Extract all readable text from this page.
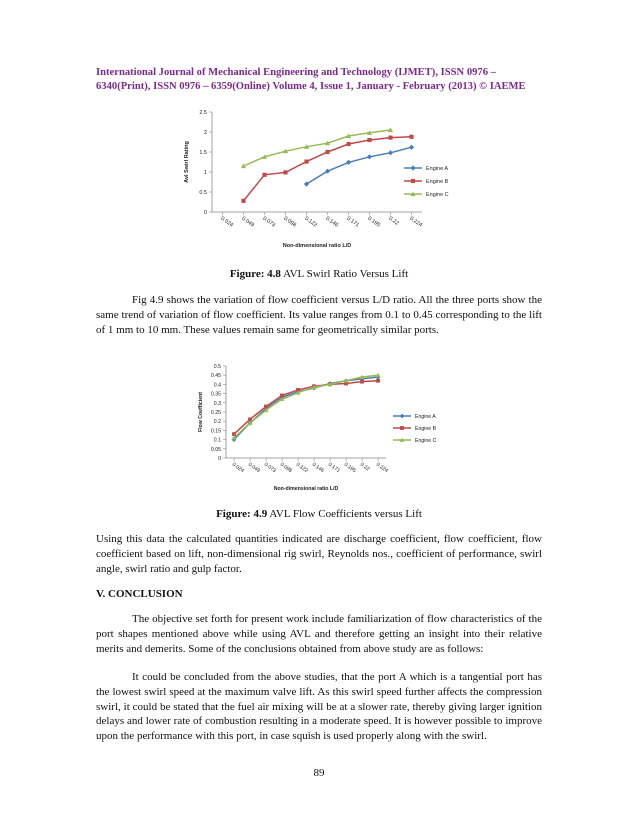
International Journal of Mechanical Engineering and Technology (IJMET), ISSN 0976 –
6340(Print), ISSN 0976 – 6359(Online) Volume 4, Issue 1, January - February (2013) © IAEME
0
0.5
1
1.5
2
2.5
0.024 0.049 0.073 0.098 0.122 0.146 0.171 0.195 0.22 0.224
Non-dimensional ratio L/D
Avl Swirl Rating	Engine A
Engine B
Engine C
Figure: 4.8 AVL Swirl Ratio Versus Lift

Fig 4.9 shows the variation of flow coefficient versus L/D ratio. All the three ports show the same trend of variation of flow coefficient. Its value ranges from 0.1 to 0.45 corresponding to the lift of 1 mm to 10 mm. These values remain same for geometrically similar ports.

0
0.05
0.1
0.15
0.2
0.25
0.3
0.35
0.4
0.45
0.5
0.024 0.049 0.073 0.098 0.122 0.146 0.171 0.195 0.22 0.224
Non-dimensional ratio L/D
Flow Coefficient	Engine A
Engine B
Engine C
Figure: 4.9 AVL Flow Coefficients versus Lift

Using this data the calculated quantities indicated are discharge coefficient, flow coefficient, flow coefficient based on lift, non-dimensional rig swirl, Reynolds nos., coefficient of performance, swirl angle, swirl ratio and gulp factor.

V. CONCLUSION

The objective set forth for present work include familiarization of flow characteristics of the port shapes mentioned above while using AVL and therefore getting an insight into their relative merits and demerits. Some of the conclusions obtained from above study are as follows:

It could be concluded from the above studies, that the port A which is a tangential port has the lowest swirl speed at the maximum valve lift. As this swirl speed further affects the compression swirl, it could be stated that the fuel air mixing will be at a slower rate, thereby giving larger ignition delays and lower rate of combustion resulting in a moderate speed. It is however possible to improve upon the performance with this port, in case squish is used properly along with the swirl.

89
